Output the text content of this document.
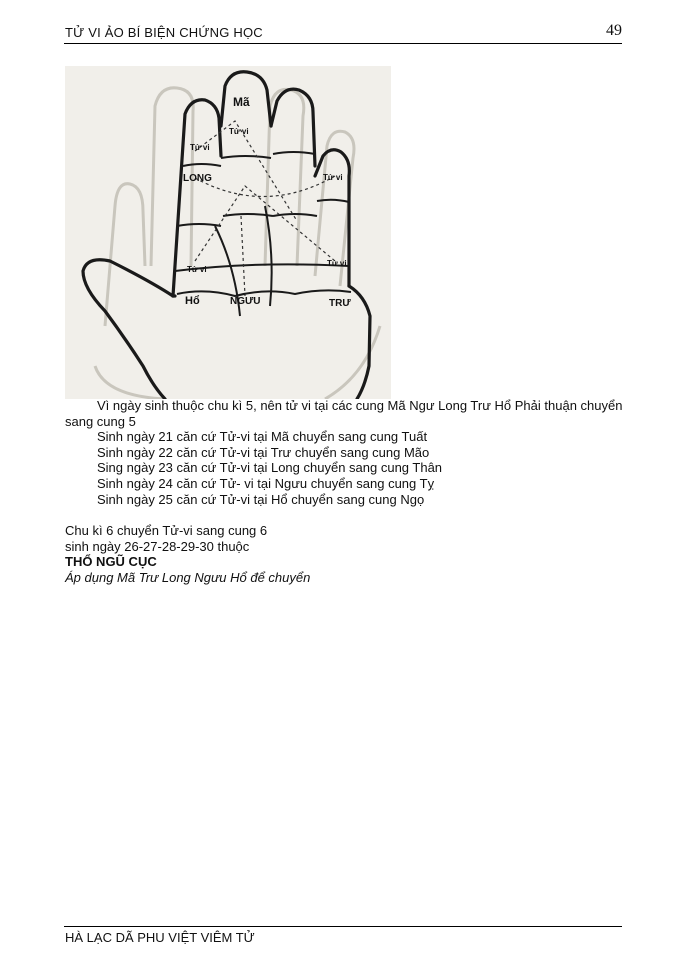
TỬ VI ẢO BÍ BIỆN CHỨNG HỌC	49
Mã
Tử vi
Tử vi
LONG	Tử vi
Tử vi
Tử vi
Hổ	NGƯU	TRƯ

Vì ngày sinh thuộc chu kì 5, nên tử vi tại các cung Mã Ngư Long Trư Hổ Phải thuận chuyển sang cung 5

Sinh ngày 21 căn cứ Tử-vi tại Mã chuyển sang cung Tuất

Sinh ngày 22 căn cứ Tử-vi tại Trư chuyển sang cung Mão

Sing ngày 23 căn cứ Tử-vi tại Long chuyển sang cung Thân

Sinh ngày 24 căn cứ Tử- vi tại Ngưu chuyển sang cung Tỵ

Sinh ngày 25 căn cứ Tử-vi tại Hổ chuyển sang cung Ngọ

Chu kì 6 chuyển Tử-vi sang cung 6

sinh ngày 26-27-28-29-30 thuộc

THỔ NGŨ CỤC

Áp dụng Mã Trư Long Ngưu Hổ để chuyển

HÀ LẠC DÃ PHU VIỆT VIÊM TỬ
